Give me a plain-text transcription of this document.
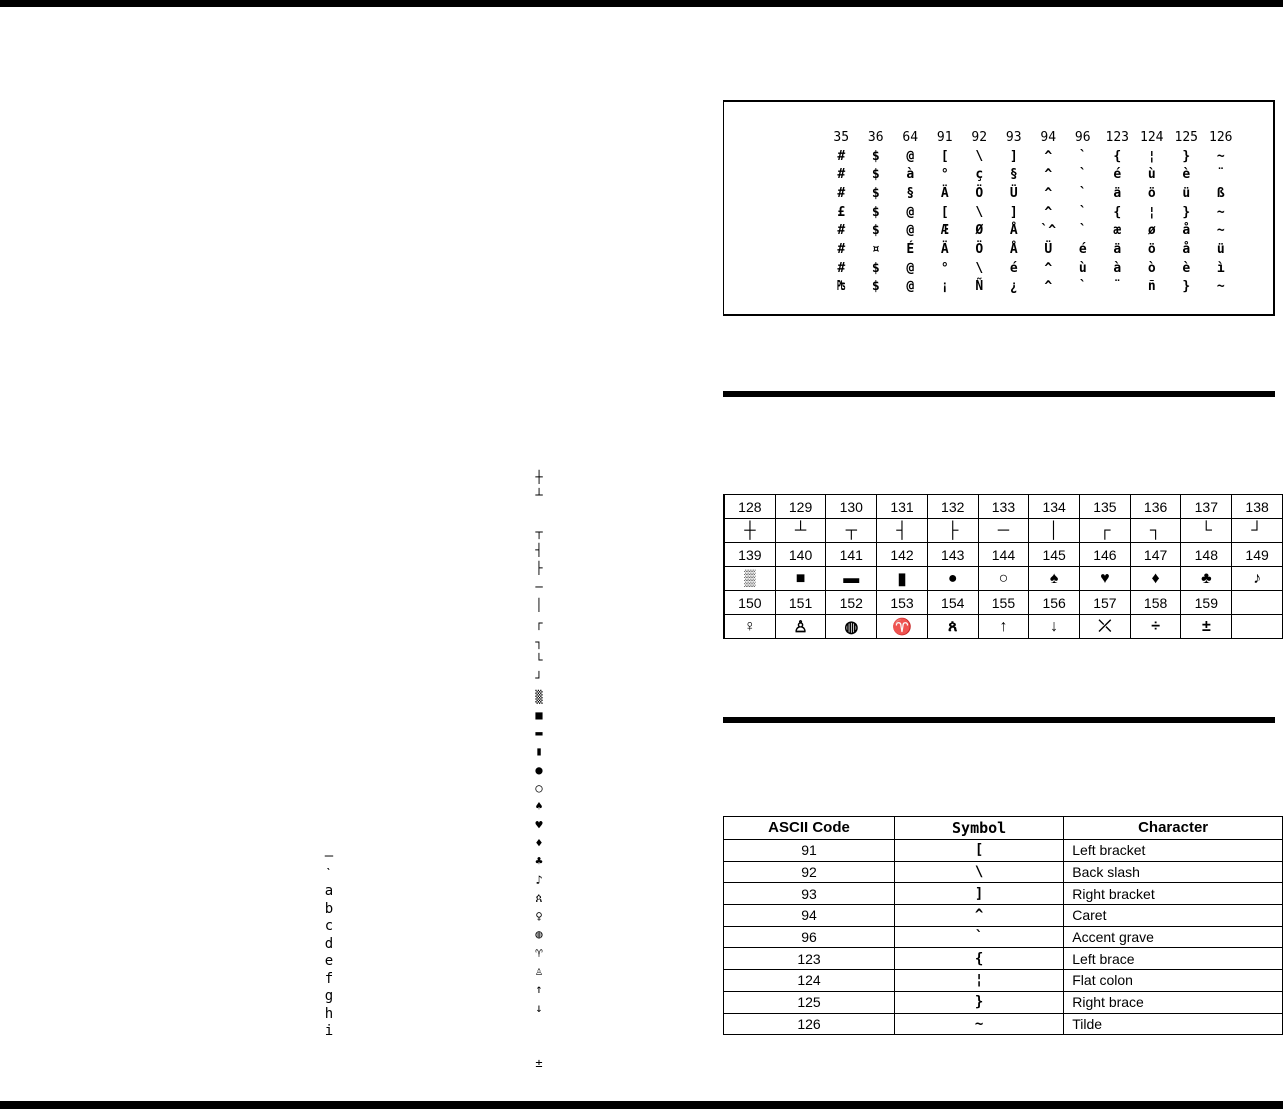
—
ˋ
a
b
c
d
e
f
g
h
i
┼
┴
┬
┤
├
─
│
┌
┐
└
┘
▒
■
▬
▮
●
○
♠
♥
♦
♣
♪
ጰ
♀
◍
♈
♙
↑
↓
±
35	36	64	91	92	93	94	96	123	124	125	126
#	$	@	[	\	]	^	`	{	¦	}	~
#	$	à	°	ç	§	^	`	é	ù	è	¨
#	$	§	Ä	Ö	Ü	^	`	ä	ö	ü	ß
£	$	@	[	\	]	^	`	{	¦	}	~
#	$	@	Æ	Ø	Å	`^	`	æ	ø	å	~
#	¤	É	Ä	Ö	Å	Ü	é	ä	ö	å	ü
#	$	@	°	\	é	^	ù	à	ò	è	ì
₧	$	@	¡	Ñ	¿	^	`	¨	ñ	}	~
128	129	130	131	132	133	134	135	136	137	138
┼	┴	┬	┤	├	─	│	┌	┐	└	┘
139	140	141	142	143	144	145	146	147	148	149
▒	■	▬	▮	●	○	♠	♥	♦	♣	♪
150	151	152	153	154	155	156	157	158	159	
♀	♙	◍	♈	ጰ	↑	↓	⤫	÷	±	
ASCII Code	Symbol	Character
91	[	Left bracket
92	\	Back slash
93	]	Right bracket
94	^	Caret
96	`	Accent grave
123	{	Left brace
124	¦	Flat colon
125	}	Right brace
126	~	Tilde
